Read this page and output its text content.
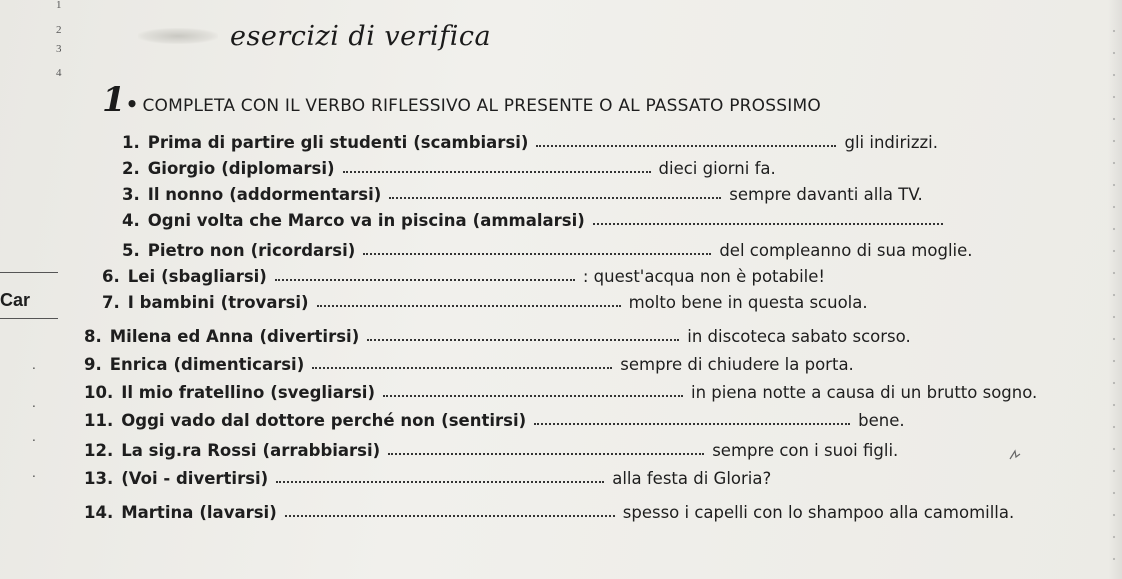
1
2
3
4
esercizi di verifica
1 • COMPLETA CON IL VERBO RIFLESSIVO AL PRESENTE O AL PASSATO PROSSIMO
Car
.
.
.
.
1. Prima di partire gli studenti (scambiarsi)	gli indirizzi.
2. Giorgio (diplomarsi)	dieci giorni fa.
3. Il nonno (addormentarsi)	sempre davanti alla TV.
4. Ogni volta che Marco va in piscina (ammalarsi)
5. Pietro non (ricordarsi)	del compleanno di sua moglie.
6. Lei (sbagliarsi)	: quest'acqua non è potabile!
7. I bambini (trovarsi)	molto bene in questa scuola.
8. Milena ed Anna (divertirsi)	in discoteca sabato scorso.
9. Enrica (dimenticarsi)	sempre di chiudere la porta.
10. Il mio fratellino (svegliarsi)	in piena notte a causa di un brutto sogno.
11. Oggi vado dal dottore perché non (sentirsi)	bene.
12. La sig.ra Rossi (arrabbiarsi)	sempre con i suoi figli.
13. (Voi - divertirsi)	alla festa di Gloria?
14. Martina (lavarsi)	spesso i capelli con lo shampoo alla camomilla.
